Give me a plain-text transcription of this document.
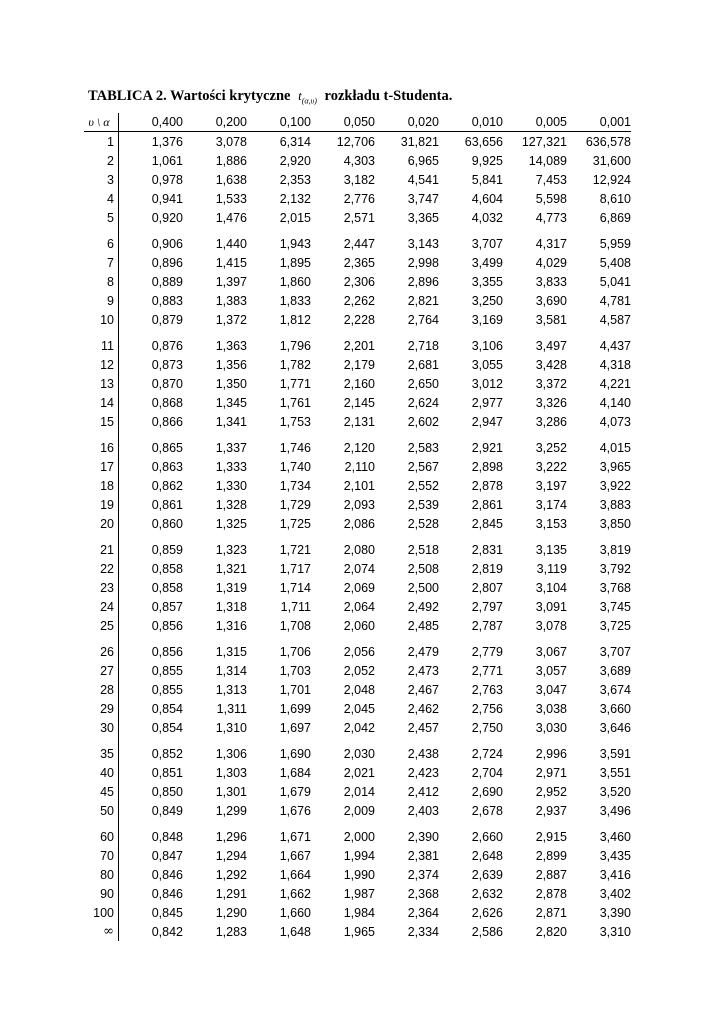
TABLICA 2. Wartości krytyczne $t_{(\alpha,\upsilon)}$ rozkładu t-Studenta.
υ \ α	0,400	0,200	0,100	0,050	0,020	0,010	0,005	0,001
1	1,376	3,078	6,314	12,706	31,821	63,656	127,321	636,578
2	1,061	1,886	2,920	4,303	6,965	9,925	14,089	31,600
3	0,978	1,638	2,353	3,182	4,541	5,841	7,453	12,924
4	0,941	1,533	2,132	2,776	3,747	4,604	5,598	8,610
5	0,920	1,476	2,015	2,571	3,365	4,032	4,773	6,869
6	0,906	1,440	1,943	2,447	3,143	3,707	4,317	5,959
7	0,896	1,415	1,895	2,365	2,998	3,499	4,029	5,408
8	0,889	1,397	1,860	2,306	2,896	3,355	3,833	5,041
9	0,883	1,383	1,833	2,262	2,821	3,250	3,690	4,781
10	0,879	1,372	1,812	2,228	2,764	3,169	3,581	4,587
11	0,876	1,363	1,796	2,201	2,718	3,106	3,497	4,437
12	0,873	1,356	1,782	2,179	2,681	3,055	3,428	4,318
13	0,870	1,350	1,771	2,160	2,650	3,012	3,372	4,221
14	0,868	1,345	1,761	2,145	2,624	2,977	3,326	4,140
15	0,866	1,341	1,753	2,131	2,602	2,947	3,286	4,073
16	0,865	1,337	1,746	2,120	2,583	2,921	3,252	4,015
17	0,863	1,333	1,740	2,110	2,567	2,898	3,222	3,965
18	0,862	1,330	1,734	2,101	2,552	2,878	3,197	3,922
19	0,861	1,328	1,729	2,093	2,539	2,861	3,174	3,883
20	0,860	1,325	1,725	2,086	2,528	2,845	3,153	3,850
21	0,859	1,323	1,721	2,080	2,518	2,831	3,135	3,819
22	0,858	1,321	1,717	2,074	2,508	2,819	3,119	3,792
23	0,858	1,319	1,714	2,069	2,500	2,807	3,104	3,768
24	0,857	1,318	1,711	2,064	2,492	2,797	3,091	3,745
25	0,856	1,316	1,708	2,060	2,485	2,787	3,078	3,725
26	0,856	1,315	1,706	2,056	2,479	2,779	3,067	3,707
27	0,855	1,314	1,703	2,052	2,473	2,771	3,057	3,689
28	0,855	1,313	1,701	2,048	2,467	2,763	3,047	3,674
29	0,854	1,311	1,699	2,045	2,462	2,756	3,038	3,660
30	0,854	1,310	1,697	2,042	2,457	2,750	3,030	3,646
35	0,852	1,306	1,690	2,030	2,438	2,724	2,996	3,591
40	0,851	1,303	1,684	2,021	2,423	2,704	2,971	3,551
45	0,850	1,301	1,679	2,014	2,412	2,690	2,952	3,520
50	0,849	1,299	1,676	2,009	2,403	2,678	2,937	3,496
60	0,848	1,296	1,671	2,000	2,390	2,660	2,915	3,460
70	0,847	1,294	1,667	1,994	2,381	2,648	2,899	3,435
80	0,846	1,292	1,664	1,990	2,374	2,639	2,887	3,416
90	0,846	1,291	1,662	1,987	2,368	2,632	2,878	3,402
100	0,845	1,290	1,660	1,984	2,364	2,626	2,871	3,390
∞	0,842	1,283	1,648	1,965	2,334	2,586	2,820	3,310
